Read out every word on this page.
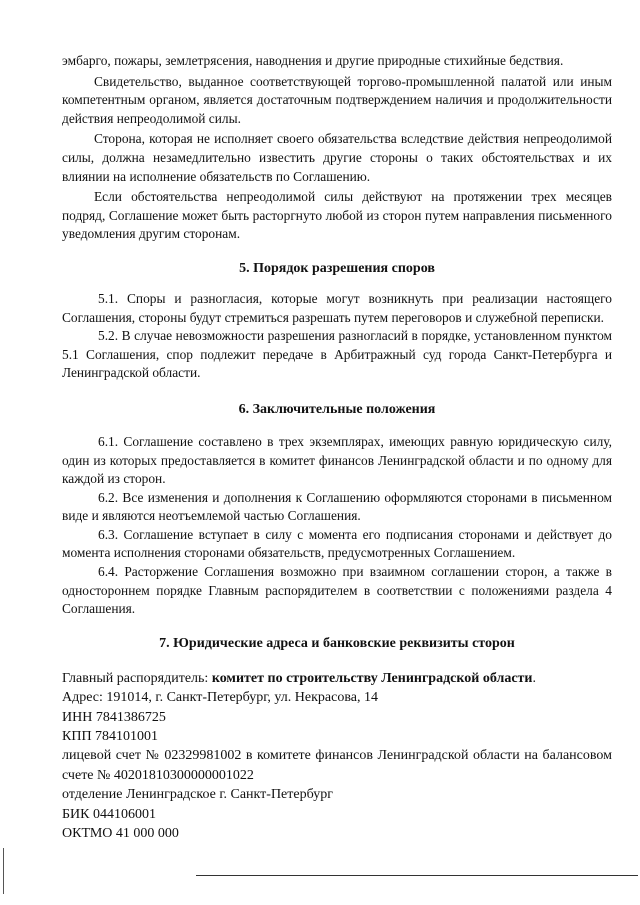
эмбарго, пожары, землетрясения, наводнения и другие природные стихийные бедствия.

Свидетельство, выданное соответствующей торгово-промышленной палатой или иным компетентным органом, является достаточным подтверждением наличия и продолжительности действия непреодолимой силы.

Сторона, которая не исполняет своего обязательства вследствие действия непреодолимой силы, должна незамедлительно известить другие стороны о таких обстоятельствах и их влиянии на исполнение обязательств по Соглашению.

Если обстоятельства непреодолимой силы действуют на протяжении трех месяцев подряд, Соглашение может быть расторгнуто любой из сторон путем направления письменного уведомления другим сторонам.

5. Порядок разрешения споров

5.1. Споры и разногласия, которые могут возникнуть при реализации настоящего Соглашения, стороны будут стремиться разрешать путем переговоров и служебной переписки.

5.2. В случае невозможности разрешения разногласий в порядке, установленном пунктом 5.1 Соглашения, спор подлежит передаче в Арбитражный суд города Санкт-Петербурга и Ленинградской области.

6. Заключительные положения

6.1. Соглашение составлено в трех экземплярах, имеющих равную юридическую силу, один из которых предоставляется в комитет финансов Ленинградской области и по одному для каждой из сторон.

6.2. Все изменения и дополнения к Соглашению оформляются сторонами в письменном виде и являются неотъемлемой частью Соглашения.

6.3. Соглашение вступает в силу с момента его подписания сторонами и действует до момента исполнения сторонами обязательств, предусмотренных Соглашением.

6.4. Расторжение Соглашения возможно при взаимном соглашении сторон, а также в одностороннем порядке Главным распорядителем в соответствии с положениями раздела 4 Соглашения.

7. Юридические адреса и банковские реквизиты сторон

Главный распорядитель: комитет по строительству Ленинградской области.

Адрес: 191014, г. Санкт-Петербург, ул. Некрасова, 14

ИНН 7841386725

КПП 784101001

лицевой счет № 02329981002 в комитете финансов Ленинградской области на балансовом счете № 40201810300000001022

отделение Ленинградское г. Санкт-Петербург

БИК 044106001

ОКТМО 41 000 000
